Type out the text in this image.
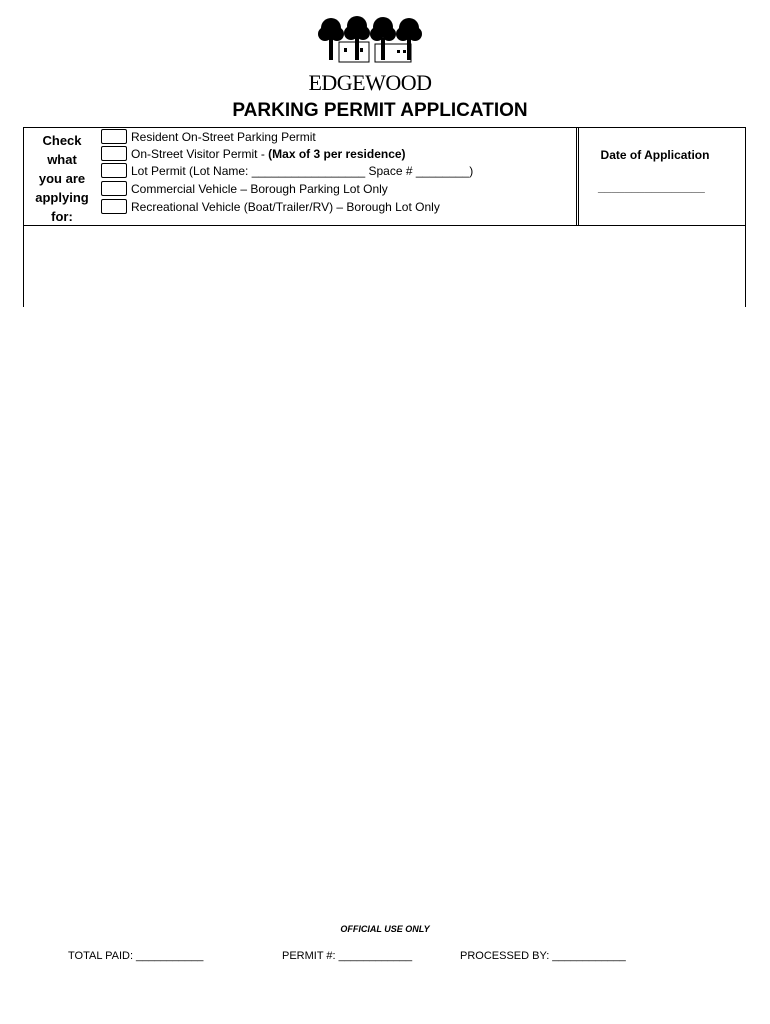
EDGEWOOD
PARKING PERMIT APPLICATION
Check
what
you are
applying
for:
Resident On-Street Parking Permit
On-Street Visitor Permit - (Max of 3 per residence)
Lot Permit (Lot Name: _________________ Space # ________)
Commercial Vehicle – Borough Parking Lot Only
Recreational Vehicle (Boat/Trailer/RV) – Borough Lot Only
Date of Application
________________
OFFICIAL USE ONLY
TOTAL PAID: ___________	PERMIT #: ____________	PROCESSED BY: ____________
